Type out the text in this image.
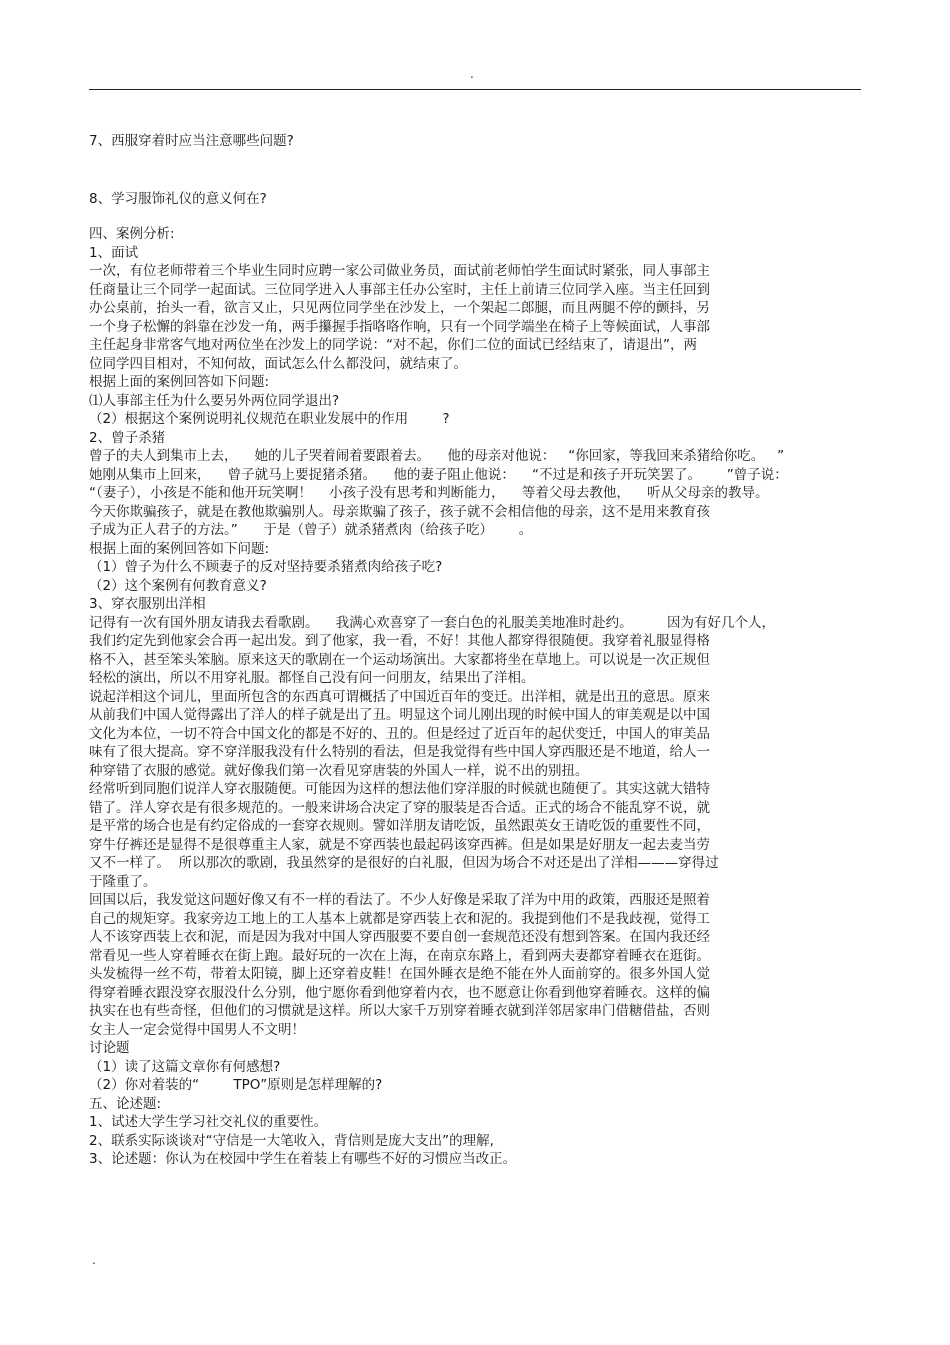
.
7、西服穿着时应当注意哪些问题?
8、学习服饰礼仪的意义何在?
四、案例分析:
1、面试
一次，有位老师带着三个毕业生同时应聘一家公司做业务员，面试前老师怕学生面试时紧张，同人事部主
任商量让三个同学一起面试。三位同学进入人事部主任办公室时，主任上前请三位同学入座。当主任回到
办公桌前，抬头一看，欲言又止，只见两位同学坐在沙发上，一个架起二郎腿，而且两腿不停的颤抖，另
一个身子松懈的斜靠在沙发一角，两手攥握手指咯咯作响，只有一个同学端坐在椅子上等候面试，人事部
主任起身非常客气地对两位坐在沙发上的同学说：“对不起，你们二位的面试已经结束了，请退出”，两
位同学四目相对，不知何故，面试怎么什么都没问，就结束了。
根据上面的案例回答如下问题:
⑴人事部主任为什么要另外两位同学退出?
（2）根据这个案例说明礼仪规范在职业发展中的作用        ?
2、曾子杀猪
曾子的夫人到集市上去，    她的儿子哭着闹着要跟着去。    他的母亲对他说：   “你回家，等我回来杀猪给你吃。   ”
她刚从集市上回来，    曾子就马上要捉猪杀猪。    他的妻子阻止他说：    “不过是和孩子开玩笑罢了。      ”曾子说：
“（妻子），小孩是不能和他开玩笑啊！    小孩子没有思考和判断能力，    等着父母去教他，    听从父母亲的教导。
今天你欺骗孩子，就是在教他欺骗别人。母亲欺骗了孩子，孩子就不会相信他的母亲，这不是用来教育孩
子成为正人君子的方法。”      于是（曾子）就杀猪煮肉（给孩子吃）      。
根据上面的案例回答如下问题:
（1）曾子为什么不顾妻子的反对坚持要杀猪煮肉给孩子吃?
（2）这个案例有何教育意义?
3、穿衣服别出洋相
记得有一次有国外朋友请我去看歌剧。    我满心欢喜穿了一套白色的礼服美美地准时赴约。        因为有好几个人，
我们约定先到他家会合再一起出发。到了他家，我一看，不好！其他人都穿得很随便。我穿着礼服显得格
格不入，甚至笨头笨脑。原来这天的歌剧在一个运动场演出。大家都将坐在草地上。可以说是一次正规但
轻松的演出，所以不用穿礼服。都怪自己没有问一问朋友，结果出了洋相。
说起洋相这个词儿，里面所包含的东西真可谓概括了中国近百年的变迁。出洋相，就是出丑的意思。原来
从前我们中国人觉得露出了洋人的样子就是出了丑。明显这个词儿刚出现的时候中国人的审美观是以中国
文化为本位，一切不符合中国文化的都是不好的、丑的。但是经过了近百年的起伏变迁，中国人的审美品
味有了很大提高。穿不穿洋服我没有什么特别的看法，但是我觉得有些中国人穿西服还是不地道，给人一
种穿错了衣服的感觉。就好像我们第一次看见穿唐装的外国人一样，说不出的别扭。
经常听到同胞们说洋人穿衣服随便。可能因为这样的想法他们穿洋服的时候就也随便了。其实这就大错特
错了。洋人穿衣是有很多规范的。一般来讲场合决定了穿的服装是否合适。正式的场合不能乱穿不说，就
是平常的场合也是有约定俗成的一套穿衣规则。譬如洋朋友请吃饭，虽然跟英女王请吃饭的重要性不同，
穿牛仔裤还是显得不是很尊重主人家，就是不穿西装也最起码该穿西裤。但是如果是好朋友一起去麦当劳
又不一样了。  所以那次的歌剧，我虽然穿的是很好的白礼服，但因为场合不对还是出了洋相———穿得过
于隆重了。
回国以后，我发觉这问题好像又有不一样的看法了。不少人好像是采取了洋为中用的政策，西服还是照着
自己的规矩穿。我家旁边工地上的工人基本上就都是穿西装上衣和泥的。我提到他们不是我歧视，觉得工
人不该穿西装上衣和泥，而是因为我对中国人穿西服要不要自创一套规范还没有想到答案。在国内我还经
常看见一些人穿着睡衣在街上跑。最好玩的一次在上海，在南京东路上，看到两夫妻都穿着睡衣在逛街。
头发梳得一丝不苟，带着太阳镜，脚上还穿着皮鞋！在国外睡衣是绝不能在外人面前穿的。很多外国人觉
得穿着睡衣跟没穿衣服没什么分别，他宁愿你看到他穿着内衣，也不愿意让你看到他穿着睡衣。这样的偏
执实在也有些奇怪，但他们的习惯就是这样。所以大家千万别穿着睡衣就到洋邻居家串门借糖借盐，否则
女主人一定会觉得中国男人不文明！
讨论题
（1）读了这篇文章你有何感想?
（2）你对着装的“        TPO”原则是怎样理解的?
五、论述题:
1、试述大学生学习社交礼仪的重要性。
2、联系实际谈谈对“守信是一大笔收入，背信则是庞大支出”的理解,
3、论述题：你认为在校园中学生在着装上有哪些不好的习惯应当改正。
.
